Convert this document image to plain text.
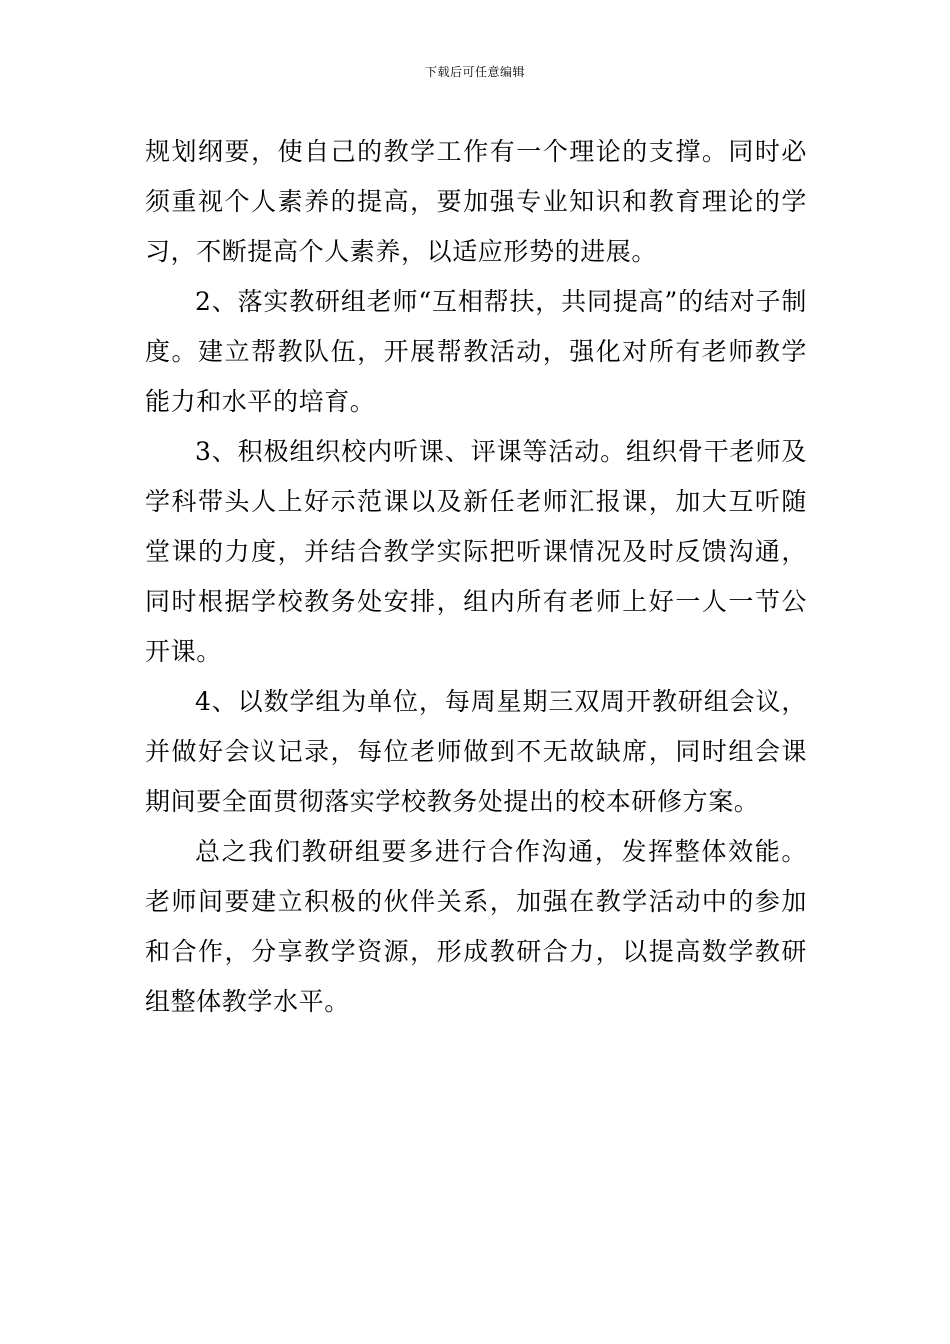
下载后可任意编辑

规划纲要，使自己的教学工作有一个理论的支撑。同时必须重视个人素养的提高，要加强专业知识和教育理论的学习，不断提高个人素养，以适应形势的进展。

2、落实教研组老师“互相帮扶，共同提高”的结对子制度。建立帮教队伍，开展帮教活动，强化对所有老师教学能力和水平的培育。

3、积极组织校内听课、评课等活动。组织骨干老师及学科带头人上好示范课以及新任老师汇报课，加大互听随堂课的力度，并结合教学实际把听课情况及时反馈沟通，同时根据学校教务处安排，组内所有老师上好一人一节公开课。

4、以数学组为单位，每周星期三双周开教研组会议，并做好会议记录，每位老师做到不无故缺席，同时组会课期间要全面贯彻落实学校教务处提出的校本研修方案。

总之我们教研组要多进行合作沟通，发挥整体效能。老师间要建立积极的伙伴关系，加强在教学活动中的参加和合作，分享教学资源，形成教研合力，以提高数学教研组整体教学水平。
